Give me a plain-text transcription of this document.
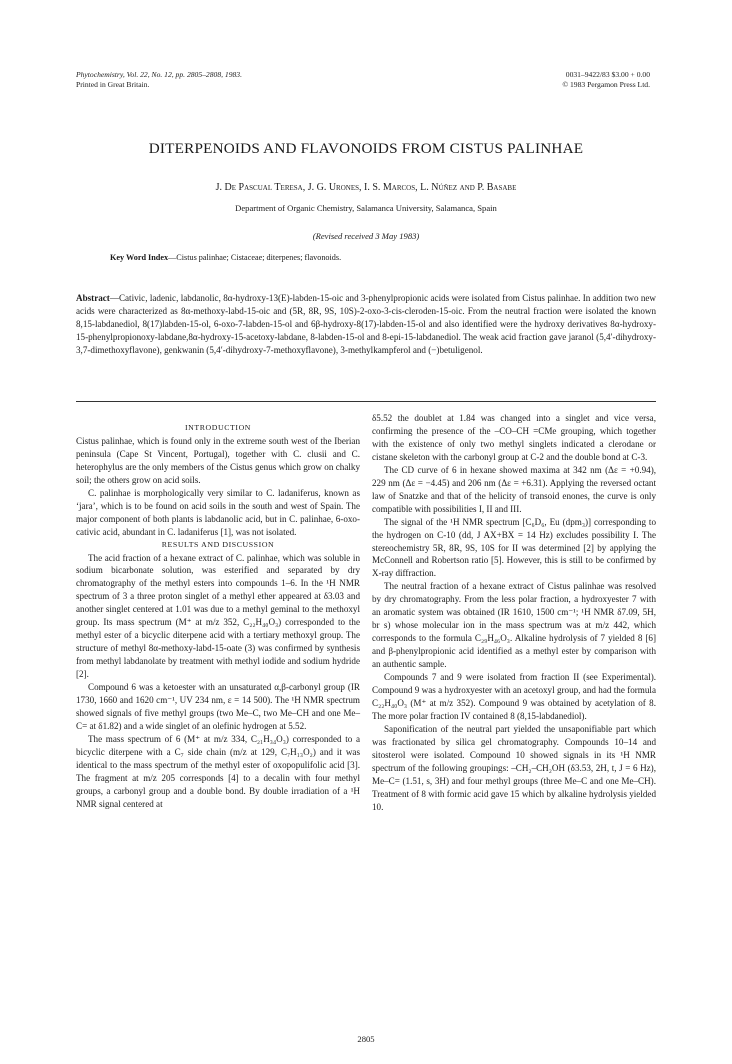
Phytochemistry, Vol. 22, No. 12, pp. 2805–2808, 1983.
Printed in Great Britain.
0031–9422/83 $3.00 + 0.00
© 1983 Pergamon Press Ltd.
DITERPENOIDS AND FLAVONOIDS FROM CISTUS PALINHAE
J. De Pascual Teresa, J. G. Urones, I. S. Marcos, L. Núñez and P. Basabe
Department of Organic Chemistry, Salamanca University, Salamanca, Spain
(Revised received 3 May 1983)
Key Word Index—Cistus palinhae; Cistaceae; diterpenes; flavonoids.
Abstract—Cativic, ladenic, labdanolic, 8α-hydroxy-13(E)-labden-15-oic and 3-phenylpropionic acids were isolated from Cistus palinhae. In addition two new acids were characterized as 8α-methoxy-labd-15-oic and (5R, 8R, 9S, 10S)-2-oxo-3-cis-cleroden-15-oic. From the neutral fraction were isolated the known 8,15-labdanediol, 8(17)labden-15-ol, 6-oxo-7-labden-15-ol and 6β-hydroxy-8(17)-labden-15-ol and also identified were the hydroxy derivatives 8α-hydroxy-15-phenylpropionoxy-labdane,8α-hydroxy-15-acetoxy-labdane, 8-labden-15-ol and 8-epi-15-labdanediol. The weak acid fraction gave jaranol (5,4′-dihydroxy-3,7-dimethoxyflavone), genkwanin (5,4′-dihydroxy-7-methoxyflavone), 3-methylkampferol and (−)betuligenol.

INTRODUCTION

Cistus palinhae, which is found only in the extreme south west of the Iberian peninsula (Cape St Vincent, Portugal), together with C. clusii and C. heterophylus are the only members of the Cistus genus which grow on chalky soil; the others grow on acid soils.

C. palinhae is morphologically very similar to C. ladaniferus, known as ‘jara’, which is to be found on acid soils in the south and west of Spain. The major component of both plants is labdanolic acid, but in C. palinhae, 6-oxo-cativic acid, abundant in C. ladaniferus [1], was not isolated.

RESULTS AND DISCUSSION

The acid fraction of a hexane extract of C. palinhae, which was soluble in sodium bicarbonate solution, was esterified and separated by dry chromatography of the methyl esters into compounds 1–6. In the ¹H NMR spectrum of 3 a three proton singlet of a methyl ether appeared at δ3.03 and another singlet centered at 1.01 was due to a methyl geminal to the methoxyl group. Its mass spectrum (M⁺ at m/z 352, C₂₂H₄₀O₃) corresponded to the methyl ester of a bicyclic diterpene acid with a tertiary methoxyl group. The structure of methyl 8α-methoxy-labd-15-oate (3) was confirmed by synthesis from methyl labdanolate by treatment with methyl iodide and sodium hydride [2].

Compound 6 was a ketoester with an unsaturated α,β-carbonyl group (IR 1730, 1660 and 1620 cm⁻¹, UV 234 nm, ε = 14 500). The ¹H NMR spectrum showed signals of five methyl groups (two Me–C, two Me–CH and one Me–C= at δ1.82) and a wide singlet of an olefinic hydrogen at 5.52.

The mass spectrum of 6 (M⁺ at m/z 334, C₂₁H₃₄O₃) corresponded to a bicyclic diterpene with a C₇ side chain (m/z at 129, C₇H₁₃O₂) and it was identical to the mass spectrum of the methyl ester of oxopopulifolic acid [3]. The fragment at m/z 205 corresponds [4] to a decalin with four methyl groups, a carbonyl group and a double bond. By double irradiation of a ¹H NMR signal centered at

δ5.52 the doublet at 1.84 was changed into a singlet and vice versa, confirming the presence of the –CO–CH =CMe grouping, which together with the existence of only two methyl singlets indicated a clerodane or cistane skeleton with the carbonyl group at C-2 and the double bond at C-3.

The CD curve of 6 in hexane showed maxima at 342 nm (Δε = +0.94), 229 nm (Δε = −4.45) and 206 nm (Δε = +6.31). Applying the reversed octant law of Snatzke and that of the helicity of transoid enones, the curve is only compatible with possibilities I, II and III.

The signal of the ¹H NMR spectrum [C₆D₆, Eu (dpm₃)] corresponding to the hydrogen on C-10 (dd, J AX+BX = 14 Hz) excludes possibility I. The stereochemistry 5R, 8R, 9S, 10S for II was determined [2] by applying the McConnell and Robertson ratio [5]. However, this is still to be confirmed by X-ray diffraction.

The neutral fraction of a hexane extract of Cistus palinhae was resolved by dry chromatography. From the less polar fraction, a hydroxyester 7 with an aromatic system was obtained (IR 1610, 1500 cm⁻¹; ¹H NMR δ7.09, 5H, br s) whose molecular ion in the mass spectrum was at m/z 442, which corresponds to the formula C₂₉H₄₆O₃. Alkaline hydrolysis of 7 yielded 8 [6] and β-phenylpropionic acid identified as a methyl ester by comparison with an authentic sample.

Compounds 7 and 9 were isolated from fraction II (see Experimental). Compound 9 was a hydroxyester with an acetoxyl group, and had the formula C₂₂H₄₀O₃ (M⁺ at m/z 352). Compound 9 was obtained by acetylation of 8. The more polar fraction IV contained 8 (8,15-labdanediol).

Saponification of the neutral part yielded the unsaponifiable part which was fractionated by silica gel chromatography. Compounds 10–14 and sitosterol were isolated. Compound 10 showed signals in its ¹H NMR spectrum of the following groupings: –CH₂–CH₂OH (δ3.53, 2H, t, J = 6 Hz), Me–C= (1.51, s, 3H) and four methyl groups (three Me–C and one Me–CH). Treatment of 8 with formic acid gave 15 which by alkaline hydrolysis yielded 10.

2805
